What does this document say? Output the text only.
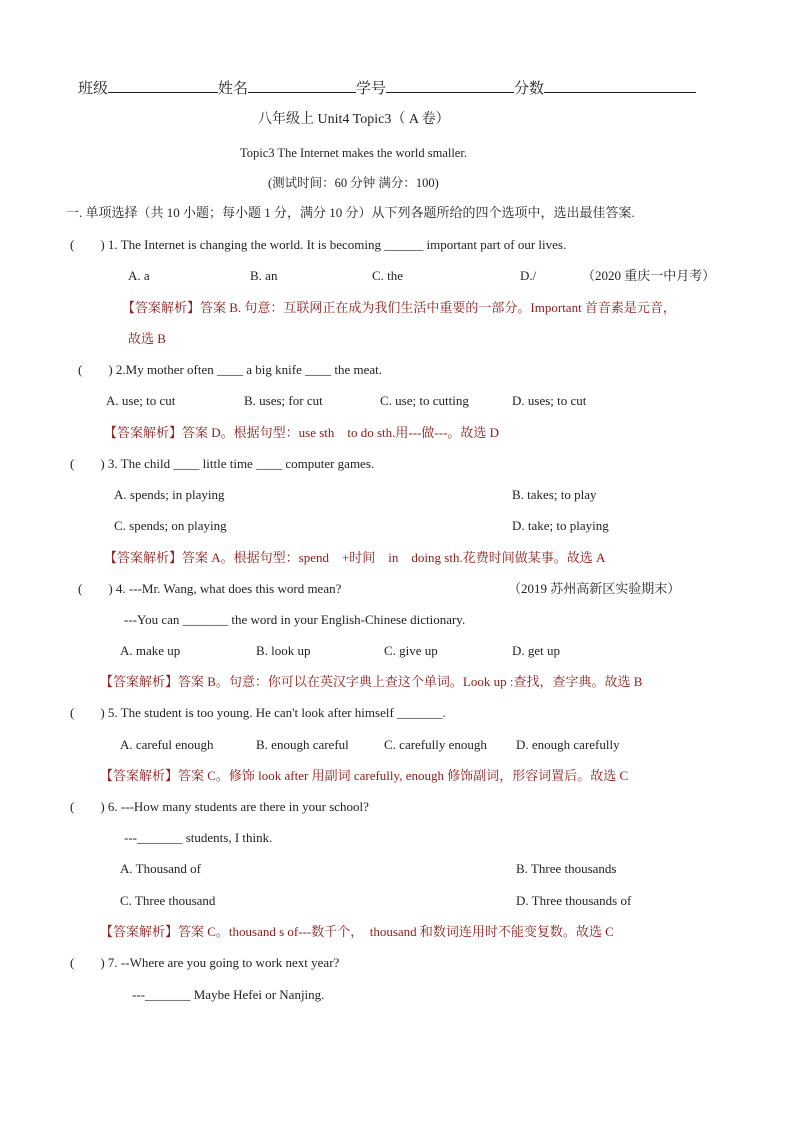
班级	姓名	学号	分数
八年级上 Unit4 Topic3（ A 卷）
Topic3 The Internet makes the world smaller.
(测试时间：60 分钟 满分：100)
一. 单项选择（共 10 小题；每小题 1 分，满分 10 分）从下列各题所给的四个选项中，选出最佳答案.
(　　) 1. The Internet is changing the world. It is becoming ______ important part of our lives.
A. a	B. an	C. the	D./	（2020 重庆一中月考）
【答案解析】答案 B. 句意：互联网正在成为我们生活中重要的一部分。Important 首音素是元音，
故选 B
(　　) 2.My mother often ____ a big knife ____ the meat.
A. use; to cut	B. uses; for cut	C. use; to cutting	D. uses; to cut
【答案解析】答案 D。根据句型：use sth　to do sth.用---做---。故选 D
(　　) 3. The child ____ little time ____ computer games.
A. spends; in playing	B. takes; to play
C. spends; on playing	D. take; to playing
【答案解析】答案 A。根据句型：spend　+时间　in　doing sth.花费时间做某事。故选 A
(　　) 4. ---Mr. Wang, what does this word mean?	（2019 苏州高新区实验期末）
---You can _______ the word in your English-Chinese dictionary.
A. make up	B. look up	C. give up	D. get up
【答案解析】答案 B。句意：你可以在英汉字典上查这个单词。Look up :查找，查字典。故选 B
(　　) 5. The student is too young. He can't look after himself _______.
A. careful enough	B. enough careful	C. carefully enough D. enough carefully
【答案解析】答案 C。修饰 look after 用副词 carefully, enough 修饰副词，形容词置后。故选 C
(　　) 6. ---How many students are there in your school?
---_______ students, I think.
A. Thousand of	B. Three thousands
C. Three thousand	D. Three thousands of
【答案解析】答案 C。thousand s of---数千个，　thousand 和数词连用时不能变复数。故选 C
(　　) 7. --Where are you going to work next year?
---_______ Maybe Hefei or Nanjing.
